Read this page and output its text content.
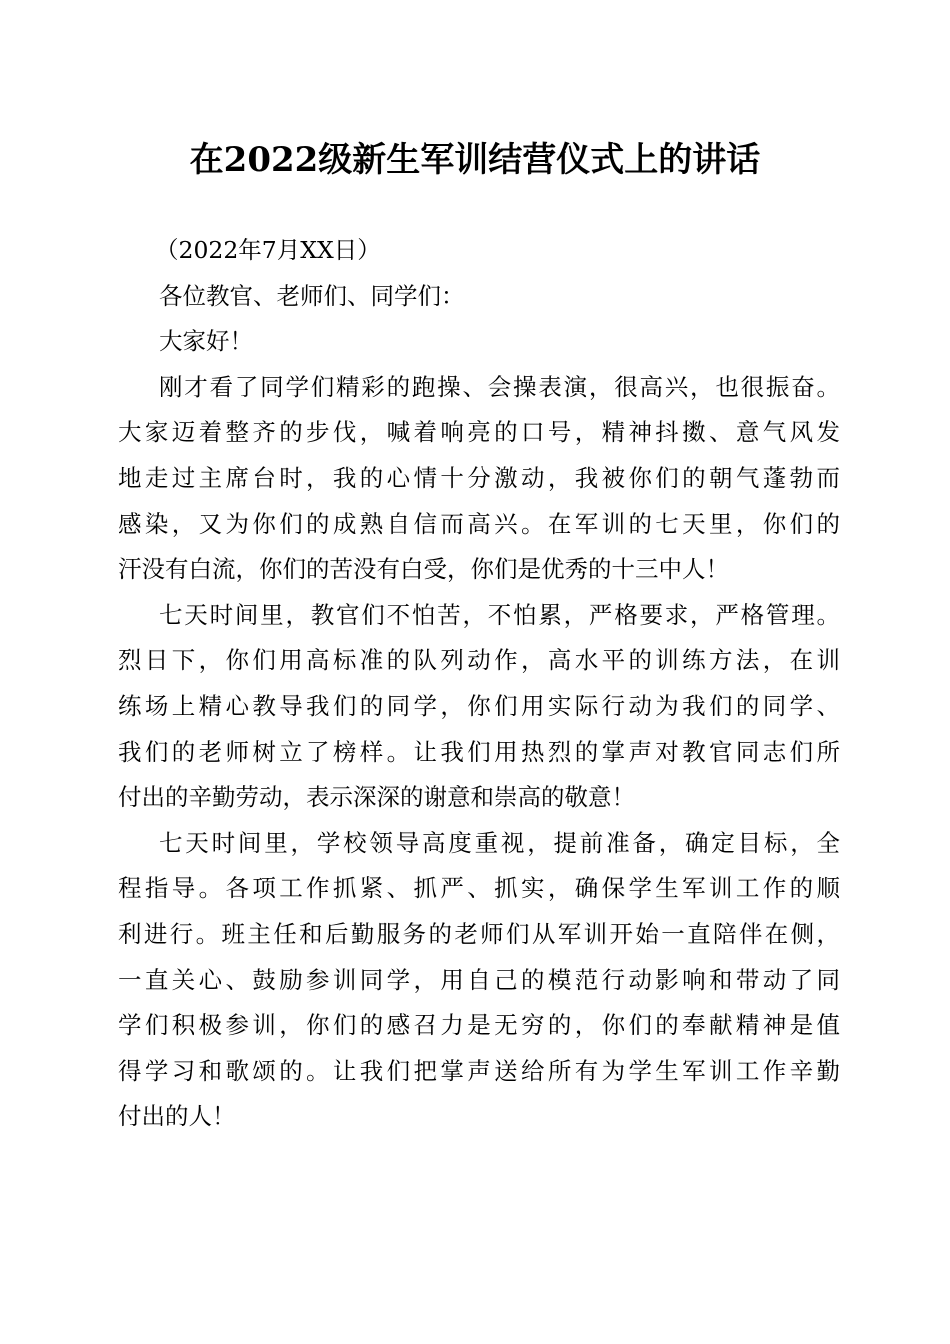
在2022级新生军训结营仪式上的讲话
（2022年7月XX日）
各位教官、老师们、同学们：
大家好！
刚才看了同学们精彩的跑操、会操表演，很高兴，也很振奋。
大家迈着整齐的步伐，喊着响亮的口号，精神抖擞、意气风发
地走过主席台时，我的心情十分激动，我被你们的朝气蓬勃而
感染，又为你们的成熟自信而高兴。在军训的七天里，你们的
汗没有白流，你们的苦没有白受，你们是优秀的十三中人！
七天时间里，教官们不怕苦，不怕累，严格要求，严格管理。
烈日下，你们用高标准的队列动作，高水平的训练方法，在训
练场上精心教导我们的同学，你们用实际行动为我们的同学、
我们的老师树立了榜样。让我们用热烈的掌声对教官同志们所
付出的辛勤劳动，表示深深的谢意和崇高的敬意！
七天时间里，学校领导高度重视，提前准备，确定目标，全
程指导。各项工作抓紧、抓严、抓实，确保学生军训工作的顺
利进行。班主任和后勤服务的老师们从军训开始一直陪伴在侧，
一直关心、鼓励参训同学，用自己的模范行动影响和带动了同
学们积极参训，你们的感召力是无穷的，你们的奉献精神是值
得学习和歌颂的。让我们把掌声送给所有为学生军训工作辛勤
付出的人！
